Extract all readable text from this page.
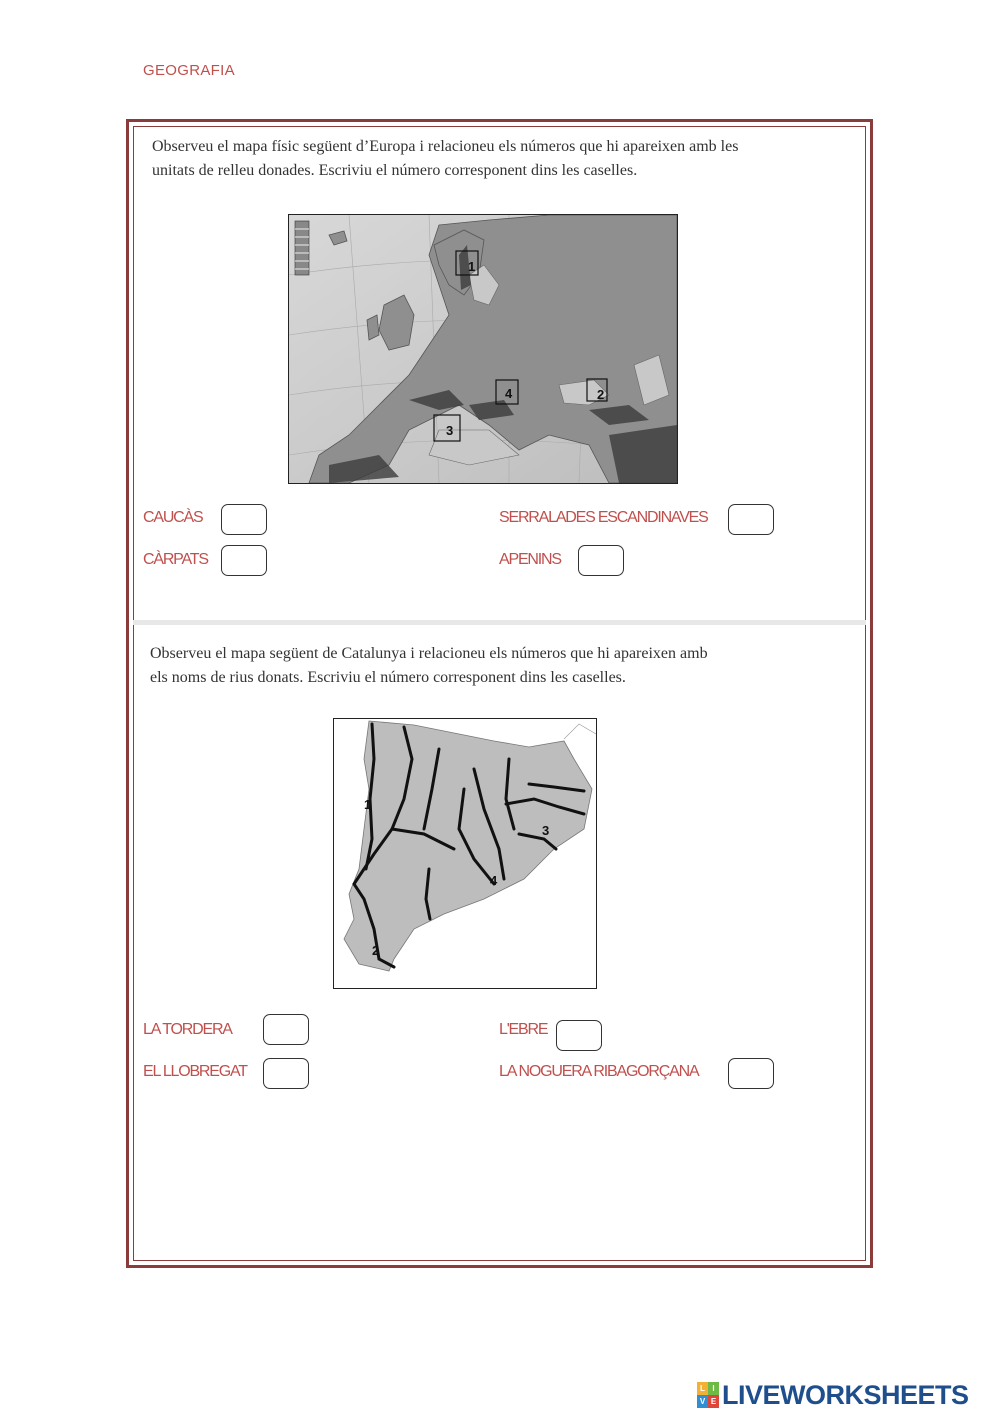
GEOGRAFIA
Observeu el mapa físic següent d’Europa i relacioneu els números que hi apareixen amb les
unitats de relleu donades. Escriviu el número corresponent dins les caselles.
1
2
3
4
CAUCÀS	SERRALADES ESCANDINAVES
CÀRPATS	APENINS
Observeu el mapa següent de Catalunya i relacioneu els números que hi apareixen amb
els noms de rius donats. Escriviu el número corresponent dins les caselles.
1
2
3
4
LA TORDERA	L'EBRE
EL LLOBREGAT	LA NOGUERA RIBAGORÇANA
L I
V E LIVEWORKSHEETS
